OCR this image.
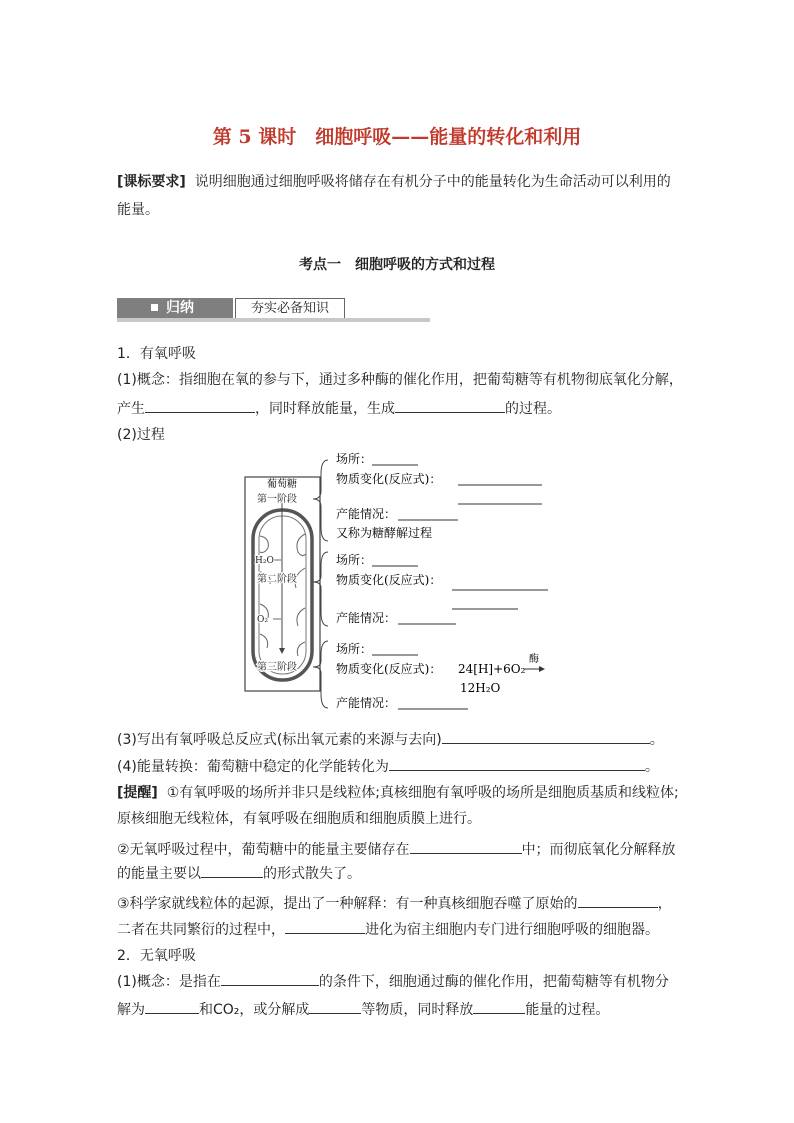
第 5 课时　细胞呼吸——能量的转化和利用
[课标要求] 说明细胞通过细胞呼吸将储存在有机分子中的能量转化为生命活动可以利用的
能量。
考点一　细胞呼吸的方式和过程
归纳	夯实必备知识
1．有氧呼吸
(1)概念：指细胞在氧的参与下，通过多种酶的催化作用，把葡萄糖等有机物彻底氧化分解，
产生	，同时释放能量，生成	的过程。
(2)过程
葡萄糖
第一阶段
H₂O
第二阶段
O₂
第三阶段
场所：
物质变化(反应式)：
产能情况：
又称为糖酵解过程
场所：
物质变化(反应式)：
产能情况：
场所：
物质变化(反应式)： 24[H]+6O₂
酶
12H₂O
产能情况：
(3)写出有氧呼吸总反应式(标出氧元素的来源与去向)	。
(4)能量转换：葡萄糖中稳定的化学能转化为	。
[提醒] ①有氧呼吸的场所并非只是线粒体;真核细胞有氧呼吸的场所是细胞质基质和线粒体;
原核细胞无线粒体，有氧呼吸在细胞质和细胞质膜上进行。
②无氧呼吸过程中，葡萄糖中的能量主要储存在	中；而彻底氧化分解释放
的能量主要以	的形式散失了。
③科学家就线粒体的起源，提出了一种解释：有一种真核细胞吞噬了原始的	，
二者在共同繁衍的过程中，	进化为宿主细胞内专门进行细胞呼吸的细胞器。
2．无氧呼吸
(1)概念：是指在	的条件下，细胞通过酶的催化作用，把葡萄糖等有机物分
解为	和CO₂，或分解成	等物质，同时释放	能量的过程。
